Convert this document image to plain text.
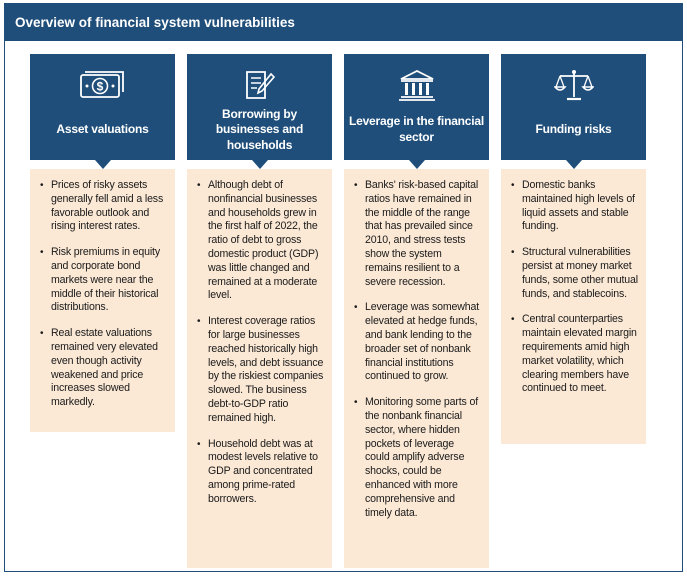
Overview of financial system vulnerabilities
$
Asset valuations
• Prices of risky assets generally fell amid a less favorable outlook and rising interest rates.
• Risk premiums in equity and corporate bond markets were near the middle of their historical distributions.
• Real estate valuations remained very elevated even though activity weakened and price increases slowed markedly.
Borrowing by businesses and households
• Although debt of nonfinancial businesses and households grew in the first half of 2022, the ratio of debt to gross domestic product (GDP) was little changed and remained at a moderate level.
• Interest coverage ratios for large businesses reached historically high levels, and debt issuance by the riskiest companies slowed. The business debt-to-GDP ratio remained high.
• Household debt was at modest levels relative to GDP and concentrated among prime-rated borrowers.
Leverage in the financial sector
• Banks' risk-based capital ratios have remained in the middle of the range that has prevailed since 2010, and stress tests show the system remains resilient to a severe recession.
• Leverage was somewhat elevated at hedge funds, and bank lending to the broader set of nonbank financial institutions continued to grow.
• Monitoring some parts of the nonbank financial sector, where hidden pockets of leverage could amplify adverse shocks, could be enhanced with more comprehensive and timely data.
Funding risks
• Domestic banks maintained high levels of liquid assets and stable funding.
• Structural vulnerabilities persist at money market funds, some other mutual funds, and stablecoins.
• Central counterparties maintain elevated margin requirements amid high market volatility, which clearing members have continued to meet.
